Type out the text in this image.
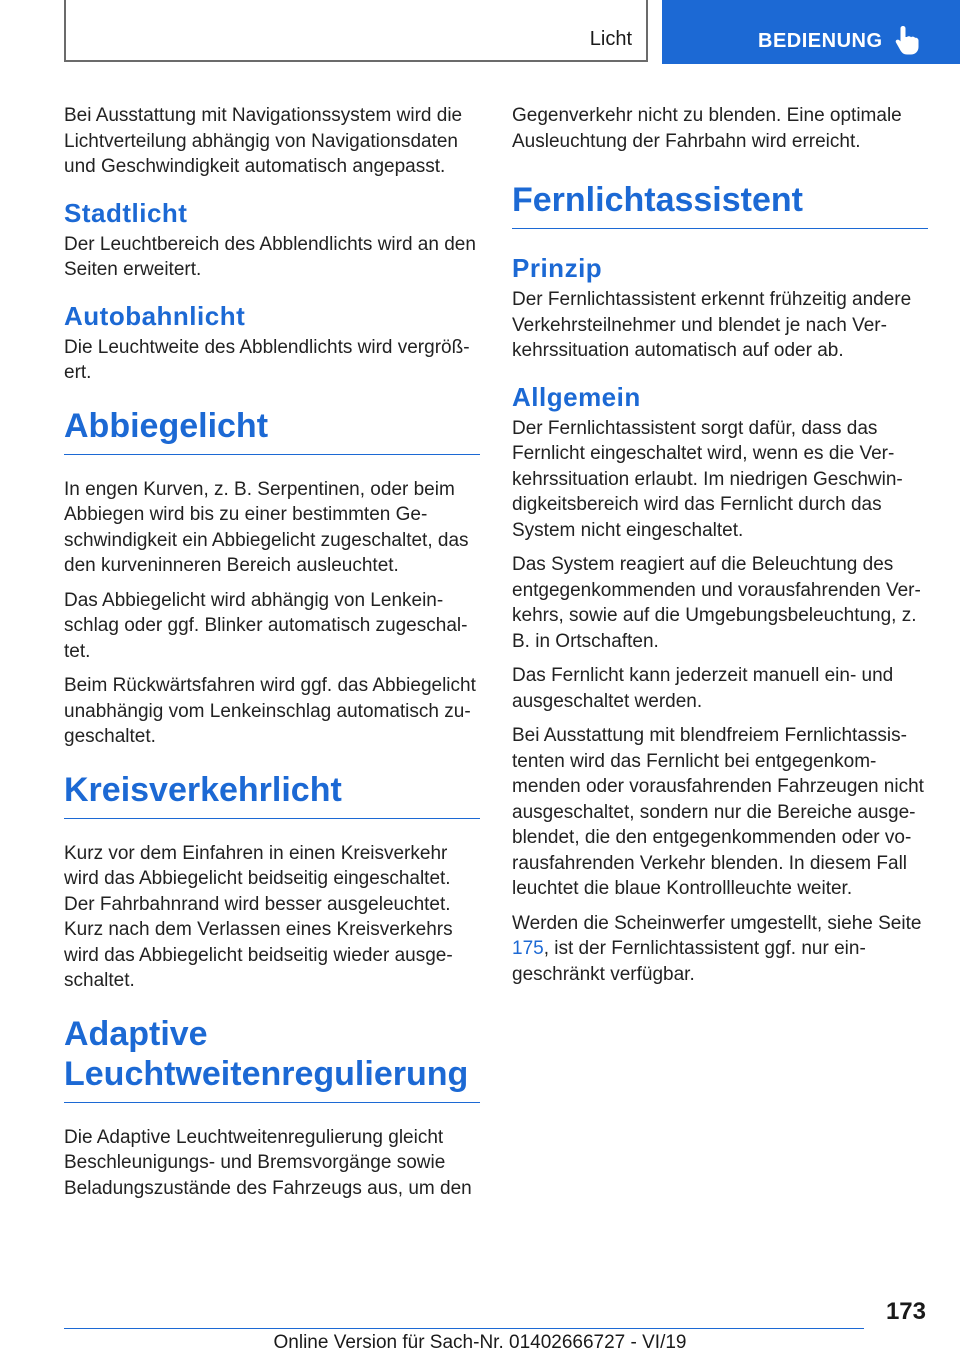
Licht	BEDIENUNG

Bei Ausstattung mit Navigationssystem wird die Lichtverteilung abhängig von Navigationsdaten und Geschwindigkeit automatisch angepasst.

Stadtlicht

Der Leuchtbereich des Abblendlichts wird an den Seiten erweitert.

Autobahnlicht

Die Leuchtweite des Abblendlichts wird vergrößert.

Abbiegelicht

In engen Kurven, z. B. Serpentinen, oder beim Abbiegen wird bis zu einer bestimmten Geschwindigkeit ein Abbiegelicht zugeschaltet, das den kurveninneren Bereich ausleuchtet.

Das Abbiegelicht wird abhängig von Lenkeinschlag oder ggf. Blinker automatisch zugeschaltet.

Beim Rückwärtsfahren wird ggf. das Abbiegelicht unabhängig vom Lenkeinschlag automatisch zugeschaltet.

Kreisverkehrlicht

Kurz vor dem Einfahren in einen Kreisverkehr wird das Abbiegelicht beidseitig eingeschaltet. Der Fahrbahnrand wird besser ausgeleuchtet. Kurz nach dem Verlassen eines Kreisverkehrs wird das Abbiegelicht beidseitig wieder ausgeschaltet.

Adaptive Leuchtweitenregulierung

Die Adaptive Leuchtweitenregulierung gleicht Beschleunigungs- und Bremsvorgänge sowie Beladungszustände des Fahrzeugs aus, um den

Gegenverkehr nicht zu blenden. Eine optimale Ausleuchtung der Fahrbahn wird erreicht.

Fernlichtassistent
Prinzip

Der Fernlichtassistent erkennt frühzeitig andere Verkehrsteilnehmer und blendet je nach Verkehrssituation automatisch auf oder ab.

Allgemein

Der Fernlichtassistent sorgt dafür, dass das Fernlicht eingeschaltet wird, wenn es die Verkehrssituation erlaubt. Im niedrigen Geschwindigkeitsbereich wird das Fernlicht durch das System nicht eingeschaltet.

Das System reagiert auf die Beleuchtung des entgegenkommenden und vorausfahrenden Verkehrs, sowie auf die Umgebungsbeleuchtung, z. B. in Ortschaften.

Das Fernlicht kann jederzeit manuell ein- und ausgeschaltet werden.

Bei Ausstattung mit blendfreiem Fernlichtassistenten wird das Fernlicht bei entgegenkommenden oder vorausfahrenden Fahrzeugen nicht ausgeschaltet, sondern nur die Bereiche ausgeblendet, die den entgegenkommenden oder vorausfahrenden Verkehr blenden. In diesem Fall leuchtet die blaue Kontrollleuchte weiter.

Werden die Scheinwerfer umgestellt, siehe Seite 175, ist der Fernlichtassistent ggf. nur eingeschränkt verfügbar.

173
Online Version für Sach-Nr. 01402666727 - VI/19
